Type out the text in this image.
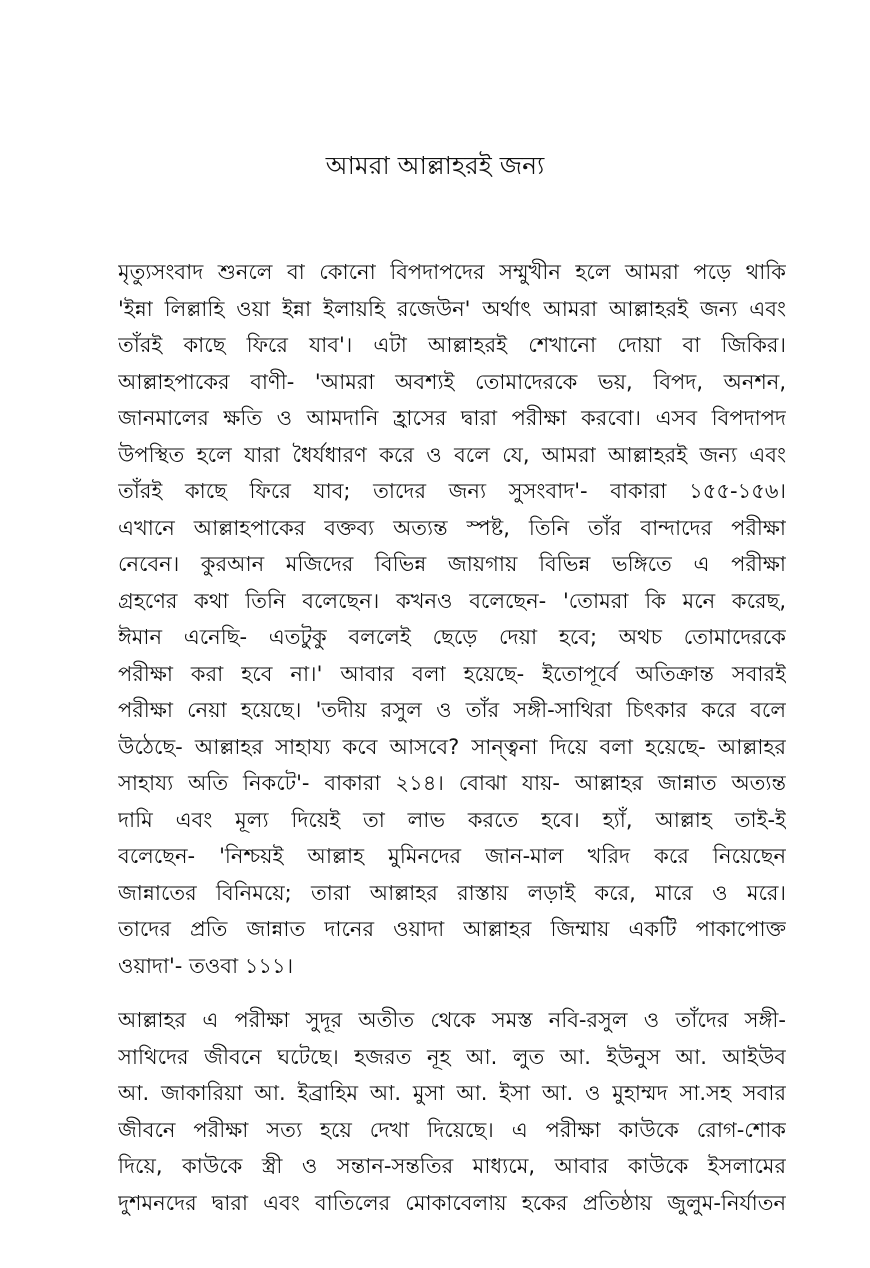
আমরা আল্লাহরই জন্য
মৃত্যুসংবাদ শুনলে বা কোনো বিপদাপদের সম্মুখীন হলে আমরা পড়ে থাকি
'ইন্না লিল্লাহি ওয়া ইন্না ইলায়হি রজেউন' অর্থাৎ আমরা আল্লাহরই জন্য এবং
তাঁরই কাছে ফিরে যাব'। এটা আল্লাহরই শেখানো দোয়া বা জিকির।
আল্লাহপাকের বাণী- 'আমরা অবশ্যই তোমাদেরকে ভয়, বিপদ, অনশন,
জানমালের ক্ষতি ও আমদানি হ্রাসের দ্বারা পরীক্ষা করবো। এসব বিপদাপদ
উপস্থিত হলে যারা ধৈর্যধারণ করে ও বলে যে, আমরা আল্লাহরই জন্য এবং
তাঁরই কাছে ফিরে যাব; তাদের জন্য সুসংবাদ'- বাকারা ১৫৫-১৫৬।
এখানে আল্লাহপাকের বক্তব্য অত্যন্ত স্পষ্ট, তিনি তাঁর বান্দাদের পরীক্ষা
নেবেন। কুরআন মজিদের বিভিন্ন জায়গায় বিভিন্ন ভঙ্গিতে এ পরীক্ষা
গ্রহণের কথা তিনি বলেছেন। কখনও বলেছেন- 'তোমরা কি মনে করেছ,
ঈমান এনেছি- এতটুকু বললেই ছেড়ে দেয়া হবে; অথচ তোমাদেরকে
পরীক্ষা করা হবে না।' আবার বলা হয়েছে- ইতোপূর্বে অতিক্রান্ত সবারই
পরীক্ষা নেয়া হয়েছে। 'তদীয় রসুল ও তাঁর সঙ্গী-সাথিরা চিৎকার করে বলে
উঠেছে- আল্লাহর সাহায্য কবে আসবে? সান্ত্বনা দিয়ে বলা হয়েছে- আল্লাহর
সাহায্য অতি নিকটে'- বাকারা ২১৪। বোঝা যায়- আল্লাহর জান্নাত অত্যন্ত
দামি এবং মূল্য দিয়েই তা লাভ করতে হবে। হ্যাঁ, আল্লাহ তাই-ই
বলেছেন- 'নিশ্চয়ই আল্লাহ মুমিনদের জান-মাল খরিদ করে নিয়েছেন
জান্নাতের বিনিময়ে; তারা আল্লাহর রাস্তায় লড়াই করে, মারে ও মরে।
তাদের প্রতি জান্নাত দানের ওয়াদা আল্লাহর জিম্মায় একটি পাকাপোক্ত
ওয়াদা'- তওবা ১১১।
আল্লাহর এ পরীক্ষা সুদূর অতীত থেকে সমস্ত নবি-রসুল ও তাঁদের সঙ্গী-
সাথিদের জীবনে ঘটেছে। হজরত নূহ আ. লুত আ. ইউনুস আ. আইউব
আ. জাকারিয়া আ. ইব্রাহিম আ. মুসা আ. ইসা আ. ও মুহাম্মদ সা.সহ সবার
জীবনে পরীক্ষা সত্য হয়ে দেখা দিয়েছে। এ পরীক্ষা কাউকে রোগ-শোক
দিয়ে, কাউকে স্ত্রী ও সন্তান-সন্ততির মাধ্যমে, আবার কাউকে ইসলামের
দুশমনদের দ্বারা এবং বাতিলের মোকাবেলায় হকের প্রতিষ্ঠায় জুলুম-নির্যাতন
